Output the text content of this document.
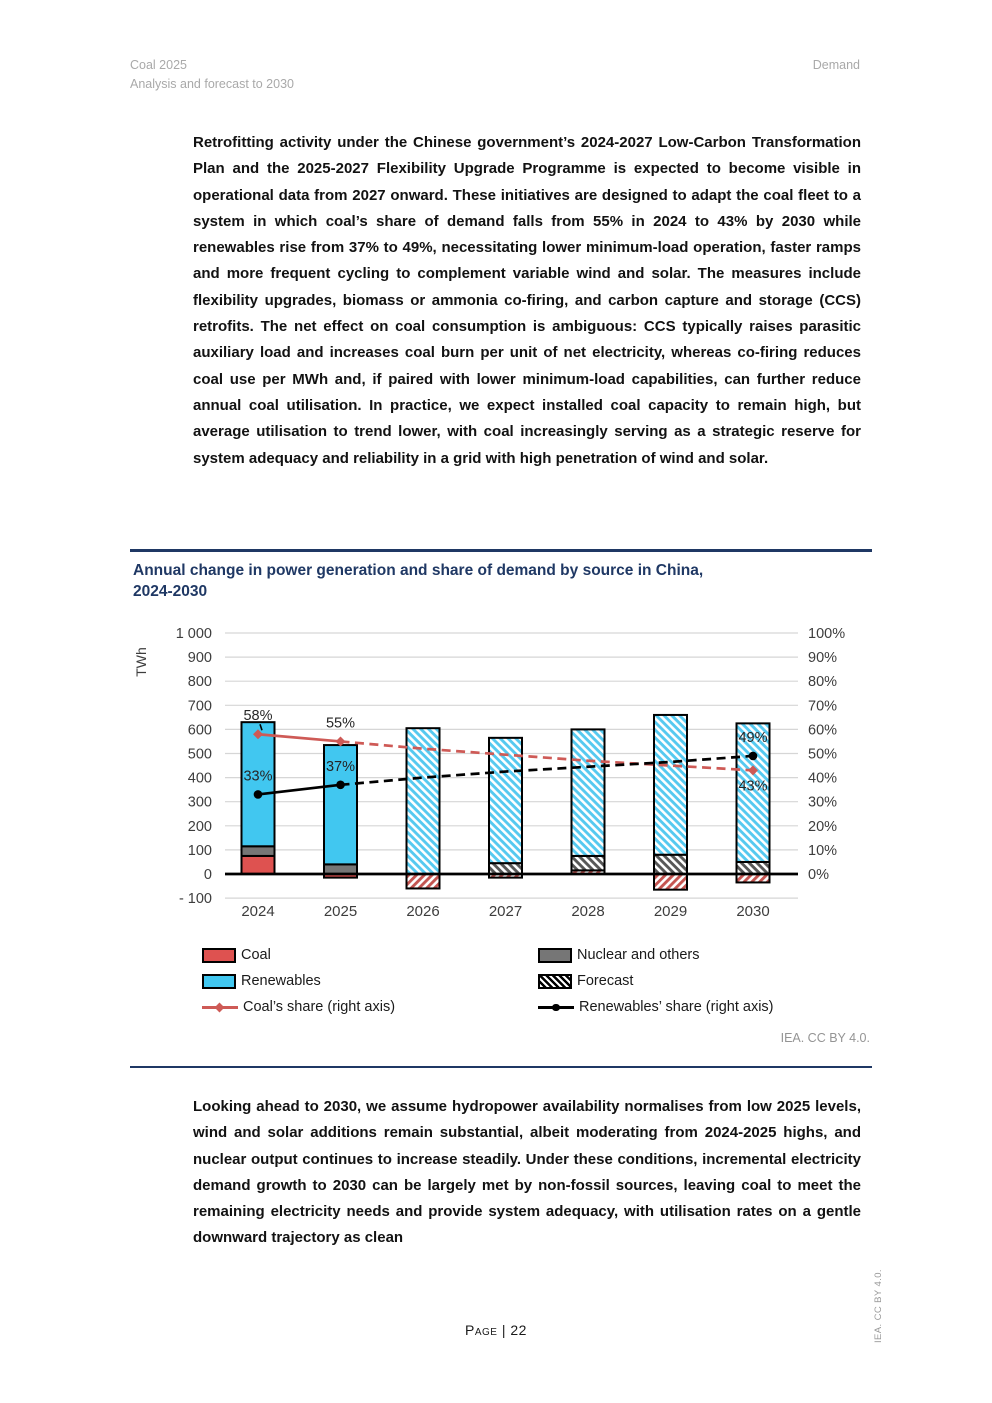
Coal 2025
Analysis and forecast to 2030
Demand
Retrofitting activity under the Chinese government’s 2024-2027 Low-Carbon Transformation Plan and the 2025-2027 Flexibility Upgrade Programme is expected to become visible in operational data from 2027 onward. These initiatives are designed to adapt the coal fleet to a system in which coal’s share of demand falls from 55% in 2024 to 43% by 2030 while renewables rise from 37% to 49%, necessitating lower minimum-load operation, faster ramps and more frequent cycling to complement variable wind and solar. The measures include flexibility upgrades, biomass or ammonia co-firing, and carbon capture and storage (CCS) retrofits. The net effect on coal consumption is ambiguous: CCS typically raises parasitic auxiliary load and increases coal burn per unit of net electricity, whereas co-firing reduces coal use per MWh and, if paired with lower minimum-load capabilities, can further reduce annual coal utilisation. In practice, we expect installed coal capacity to remain high, but average utilisation to trend lower, with coal increasingly serving as a strategic reserve for system adequacy and reliability in a grid with high penetration of wind and solar.
Annual change in power generation and share of demand by source in China,
2024-2030
1 000
900
800
700
600
500
400
300
200
100
0
- 100
100%
90%
80%
70%
60%
50%
40%
30%
20%
10%
0%
TWh
2024	2025	2026	2027	2028	2029	2030
58%
33%
55%
37%
49%
43%
Coal	Nuclear and others
Renewables	Forecast
Coal’s share (right axis)	Renewables’ share (right axis)
IEA. CC BY 4.0.
Looking ahead to 2030, we assume hydropower availability normalises from low 2025 levels, wind and solar additions remain substantial, albeit moderating from 2024-2025 highs, and nuclear output continues to increase steadily. Under these conditions, incremental electricity demand growth to 2030 can be largely met by non-fossil sources, leaving coal to meet the remaining electricity needs and provide system adequacy, with utilisation rates on a gentle downward trajectory as clean
Page | 22	IEA. CC BY 4.0.
